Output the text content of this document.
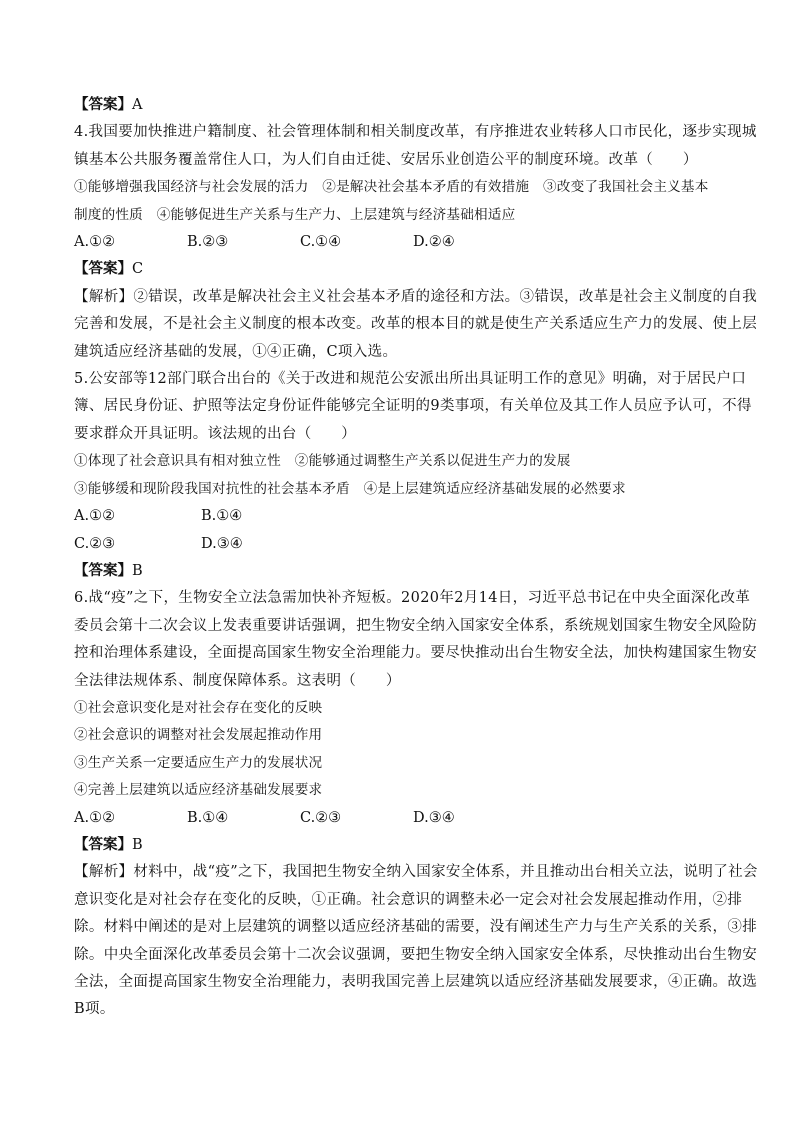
【答案】A
4.我国要加快推进户籍制度、社会管理体制和相关制度改革，有序推进农业转移人口市民化，逐步实现城
镇基本公共服务覆盖常住人口，为人们自由迁徙、安居乐业创造公平的制度环境。改革（　　）
①能够增强我国经济与社会发展的活力　②是解决社会基本矛盾的有效措施　③改变了我国社会主义基本
制度的性质　④能够促进生产关系与生产力、上层建筑与经济基础相适应
A.①②	B.②③	C.①④	D.②④
【答案】C
【解析】②错误，改革是解决社会主义社会基本矛盾的途径和方法。③错误，改革是社会主义制度的自我
完善和发展，不是社会主义制度的根本改变。改革的根本目的就是使生产关系适应生产力的发展、使上层
建筑适应经济基础的发展，①④正确，C项入选。
5.公安部等12部门联合出台的《关于改进和规范公安派出所出具证明工作的意见》明确，对于居民户口
簿、居民身份证、护照等法定身份证件能够完全证明的9类事项，有关单位及其工作人员应予认可，不得
要求群众开具证明。该法规的出台（　　）
①体现了社会意识具有相对独立性　②能够通过调整生产关系以促进生产力的发展
③能够缓和现阶段我国对抗性的社会基本矛盾　④是上层建筑适应经济基础发展的必然要求
A.①②	B.①④
C.②③	D.③④
【答案】B
6.战“疫”之下，生物安全立法急需加快补齐短板。2020年2月14日，习近平总书记在中央全面深化改革
委员会第十二次会议上发表重要讲话强调，把生物安全纳入国家安全体系，系统规划国家生物安全风险防
控和治理体系建设，全面提高国家生物安全治理能力。要尽快推动出台生物安全法，加快构建国家生物安
全法律法规体系、制度保障体系。这表明（　　）
①社会意识变化是对社会存在变化的反映
②社会意识的调整对社会发展起推动作用
③生产关系一定要适应生产力的发展状况
④完善上层建筑以适应经济基础发展要求
A.①②	B.①④	C.②③	D.③④
【答案】B
【解析】材料中，战“疫”之下，我国把生物安全纳入国家安全体系，并且推动出台相关立法，说明了社会
意识变化是对社会存在变化的反映，①正确。社会意识的调整未必一定会对社会发展起推动作用，②排
除。材料中阐述的是对上层建筑的调整以适应经济基础的需要，没有阐述生产力与生产关系的关系，③排
除。中央全面深化改革委员会第十二次会议强调，要把生物安全纳入国家安全体系，尽快推动出台生物安
全法，全面提高国家生物安全治理能力，表明我国完善上层建筑以适应经济基础发展要求，④正确。故选
B项。
